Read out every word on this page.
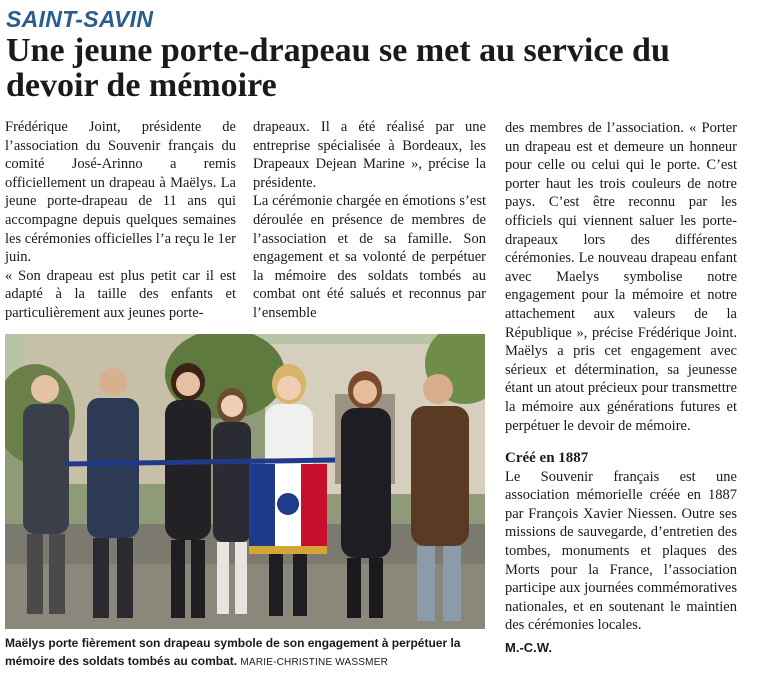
SAINT-SAVIN
Une jeune porte-drapeau se met au service du devoir de mémoire

Frédérique Joint, présidente de l’association du Souvenir français du comité José-Arinno a remis officiellement un drapeau à Maëlys. La jeune porte-drapeau de 11 ans qui accompagne depuis quelques semaines les cérémonies officielles l’a reçu le 1er juin.

« Son drapeau est plus petit car il est adapté à la taille des enfants et particulièrement aux jeunes porte-

drapeaux. Il a été réalisé par une entreprise spécialisée à Bordeaux, les Drapeaux Dejean Marine », précise la présidente.

La cérémonie chargée en émotions s’est déroulée en présence de membres de l’association et de sa famille. Son engagement et sa volonté de perpétuer la mémoire des soldats tombés au combat ont été salués et reconnus par l’ensemble

des membres de l’association. « Porter un drapeau est et demeure un honneur pour celle ou celui qui le porte. C’est porter haut les trois couleurs de notre pays. C’est être reconnu par les officiels qui viennent saluer les porte-drapeaux lors des différentes cérémonies. Le nouveau drapeau enfant avec Maelys symbolise notre engagement pour la mémoire et notre attachement aux valeurs de la République », précise Frédérique Joint. Maëlys a pris cet engagement avec sérieux et détermination, sa jeunesse étant un atout précieux pour transmettre la mémoire aux générations futures et perpétuer le devoir de mémoire.

Créé en 1887

Le Souvenir français est une association mémorielle créée en 1887 par François Xavier Niessen. Outre ses missions de sauvegarde, d’entretien des tombes, monuments et plaques des Morts pour la France, l’association participe aux journées commémoratives nationales, et en soutenant le maintien des cérémonies locales.

M.-C.W.

Maëlys porte fièrement son drapeau symbole de son engagement à perpétuer la mémoire des soldats tombés au combat. MARIE-CHRISTINE WASSMER
